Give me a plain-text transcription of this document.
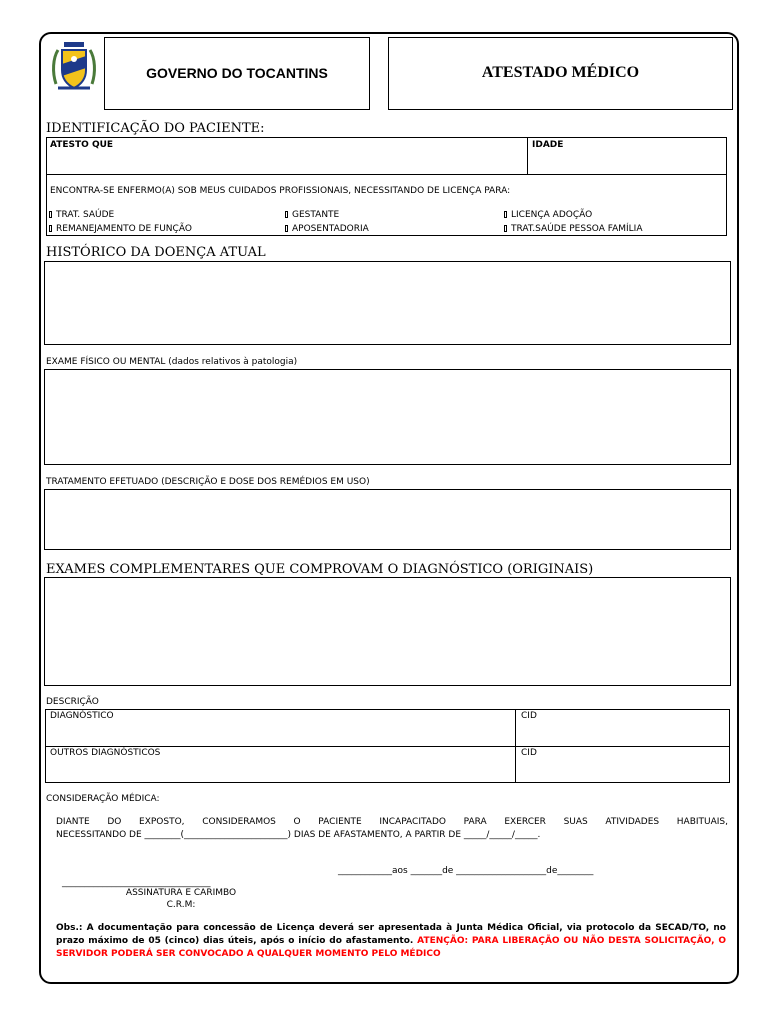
GOVERNO DO TOCANTINS	ATESTADO MÉDICO
IDENTIFICAÇÃO DO PACIENTE:
ATESTO QUE	IDADE
ENCONTRA-SE ENFERMO(A) SOB MEUS CUIDADOS PROFISSIONAIS, NECESSITANDO DE LICENÇA PARA:
TRAT. SAÚDE	GESTANTE	LICENÇA ADOÇÃO
REMANEJAMENTO DE FUNÇÃO	APOSENTADORIA	TRAT.SAÚDE PESSOA FAMÍLIA
HISTÓRICO DA DOENÇA ATUAL
EXAME FÍSICO OU MENTAL (dados relativos à patologia)
TRATAMENTO EFETUADO (DESCRIÇÃO E DOSE DOS REMÉDIOS EM USO)
EXAMES COMPLEMENTARES QUE COMPROVAM O DIAGNÓSTICO (ORIGINAIS)
DESCRIÇÃO
DIAGNÓSTICO	CID
OUTROS DIAGNÓSTICOS	CID
CONSIDERAÇÃO MÉDICA:
DIANTE DO EXPOSTO, CONSIDERAMOS O PACIENTE INCAPACITADO PARA EXERCER SUAS ATIVIDADES HABITUAIS,
NECESSITANDO DE ________(_______________________) DIAS DE AFASTAMENTO, A PARTIR DE _____/_____/_____.
____________aos _______de ____________________de________
_________________________________
ASSINATURA E CARIMBO
C.R.M:
Obs.: A documentação para concessão de Licença deverá ser apresentada à Junta Médica Oficial, via protocolo da SECAD/TO, no prazo máximo de 05 (cinco) dias úteis, após o início do afastamento. ATENÇÃO: PARA LIBERAÇÃO OU NÃO DESTA SOLICITAÇÃO, O SERVIDOR PODERÁ SER CONVOCADO A QUALQUER MOMENTO PELO MÉDICO
